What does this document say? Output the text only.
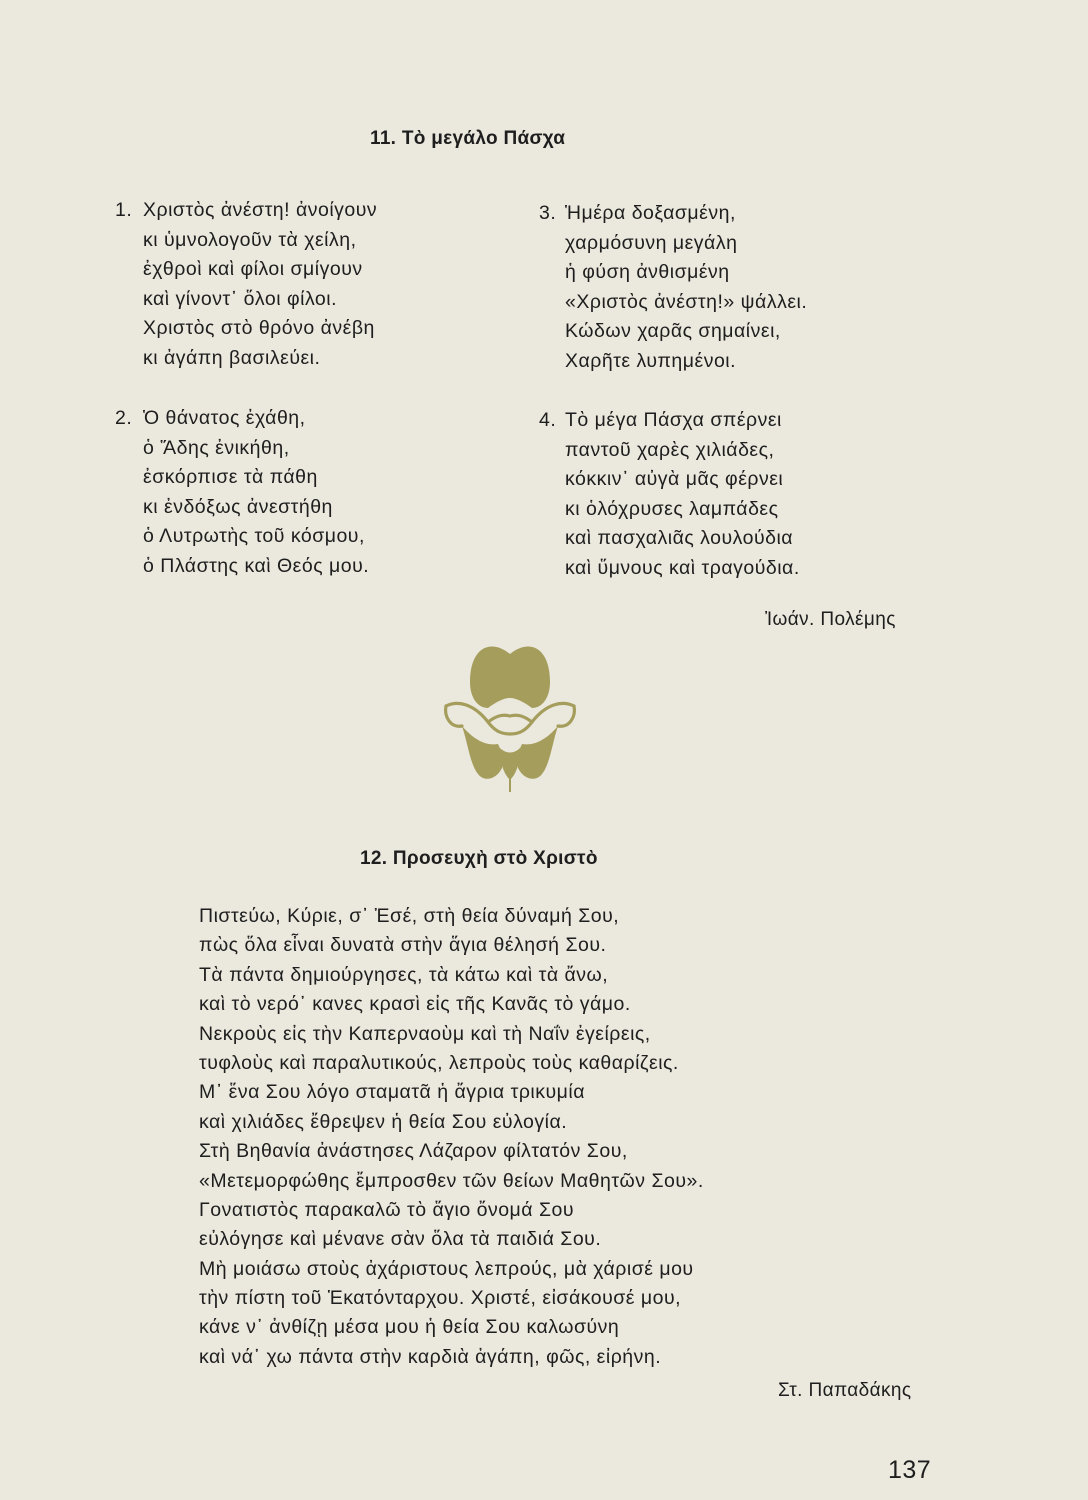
11. Τὸ μεγάλο Πάσχα
1. Χριστὸς ἀνέστη! ἀνοίγουν
κι ὑμνολογοῦν τὰ χείλη,
ἐχθροὶ καὶ φίλοι σμίγουν
καὶ γίνοντ᾽ ὅλοι φίλοι.
Χριστὸς στὸ θρόνο ἀνέβη
κι ἀγάπη βασιλεύει.
2. Ὁ θάνατος ἐχάθη,
ὁ Ἅδης ἐνικήθη,
ἐσκόρπισε τὰ πάθη
κι ἐνδόξως ἀνεστήθη
ὁ Λυτρωτὴς τοῦ κόσμου,
ὁ Πλάστης καὶ Θεός μου.
3. Ἡμέρα δοξασμένη,
χαρμόσυνη μεγάλη
ἡ φύση ἀνθισμένη
«Χριστὸς ἀνέστη!» ψάλλει.
Κώδων χαρᾶς σημαίνει,
Χαρῆτε λυπημένοι.
4. Τὸ μέγα Πάσχα σπέρνει
παντοῦ χαρὲς χιλιάδες,
κόκκιν᾽ αὐγὰ μᾶς φέρνει
κι ὁλόχρυσες λαμπάδες
καὶ πασχαλιᾶς λουλούδια
καὶ ὕμνους καὶ τραγούδια.
Ἰωάν. Πολέμης
12. Προσευχὴ στὸ Χριστὸ
Πιστεύω, Κύριε, σ᾽ Ἐσέ, στὴ θεία δύναμή Σου,
πὼς ὅλα εἶναι δυνατὰ στὴν ἅγια θέλησή Σου.
Τὰ πάντα δημιούργησες, τὰ κάτω καὶ τὰ ἄνω,
καὶ τὸ νερό᾽ κανες κρασὶ εἰς τῆς Κανᾶς τὸ γάμο.
Νεκροὺς εἰς τὴν Καπερναοὺμ καὶ τὴ Ναΐν ἐγείρεις,
τυφλοὺς καὶ παραλυτικούς, λεπροὺς τοὺς καθαρίζεις.
Μ᾽ ἕνα Σου λόγο σταματᾶ ἡ ἄγρια τρικυμία
καὶ χιλιάδες ἔθρεψεν ἡ θεία Σου εὐλογία.
Στὴ Βηθανία ἀνάστησες Λάζαρον φίλτατόν Σου,
«Μετεμορφώθης ἔμπροσθεν τῶν θείων Μαθητῶν Σου».
Γονατιστὸς παρακαλῶ τὸ ἅγιο ὄνομά Σου
εὐλόγησε καὶ μένανε σὰν ὅλα τὰ παιδιά Σου.
Μὴ μοιάσω στοὺς ἀχάριστους λεπρούς, μὰ χάρισέ μου
τὴν πίστη τοῦ Ἑκατόνταρχου. Χριστέ, εἰσάκουσέ μου,
κάνε ν᾽ ἀνθίζῃ μέσα μου ἡ θεία Σου καλωσύνη
καὶ νά᾽ χω πάντα στὴν καρδιὰ ἀγάπη, φῶς, εἰρήνη.
Στ. Παπαδάκης
137
